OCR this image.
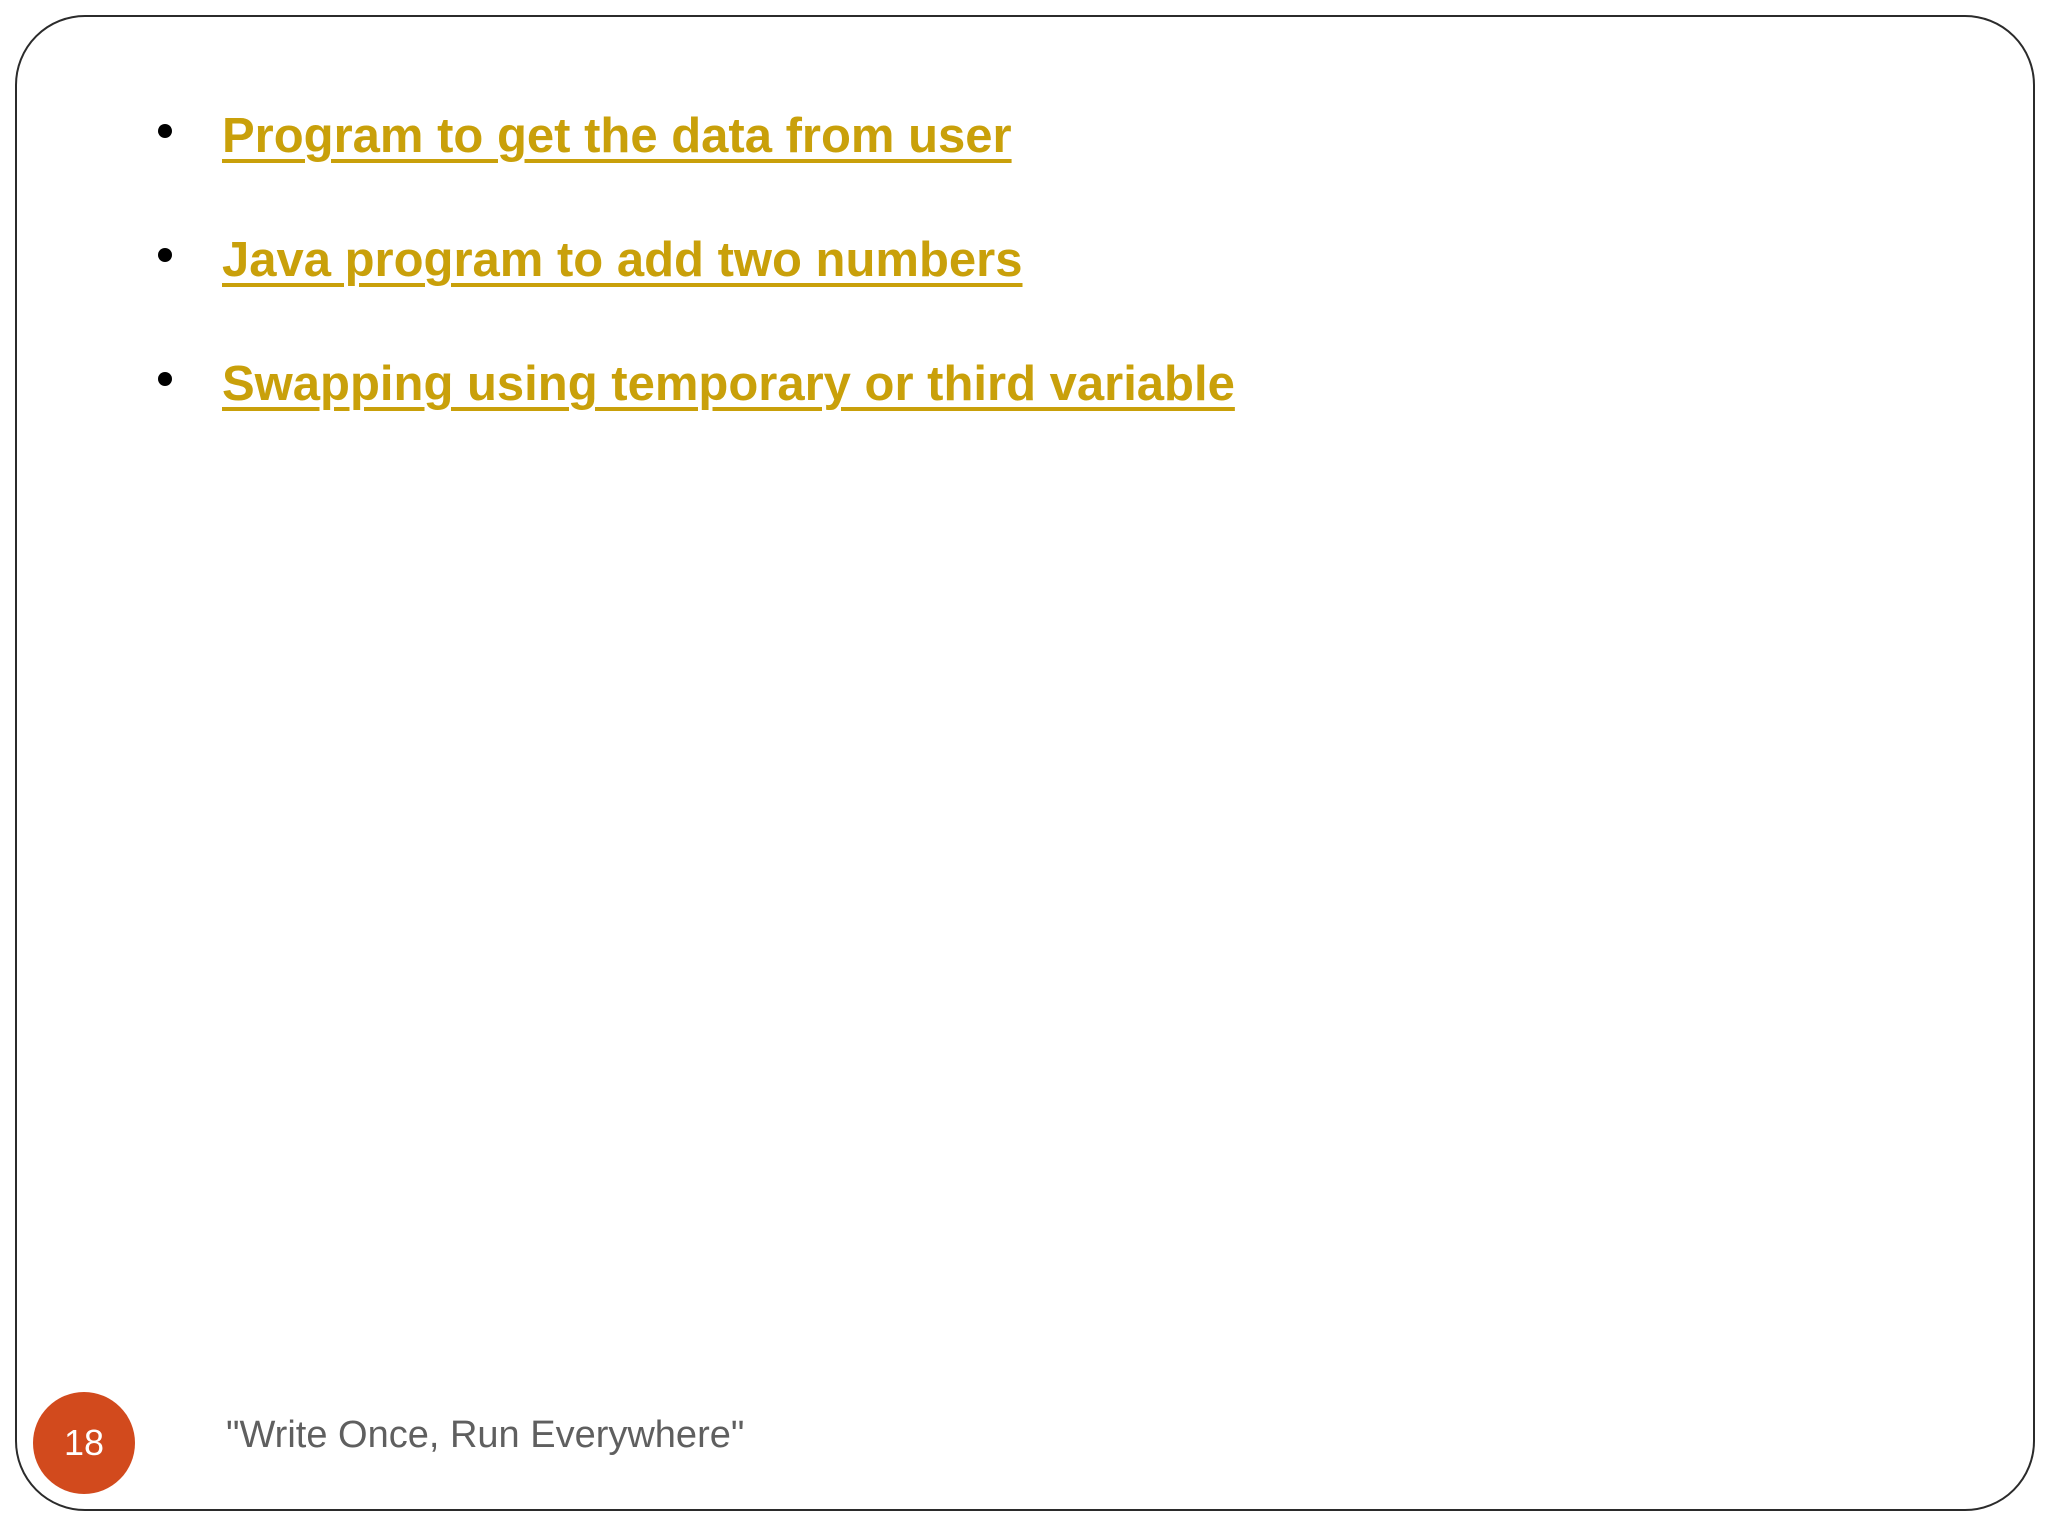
Program to get the data from user
Java program to add two numbers
Swapping using temporary or third variable
18	"Write Once, Run Everywhere"
